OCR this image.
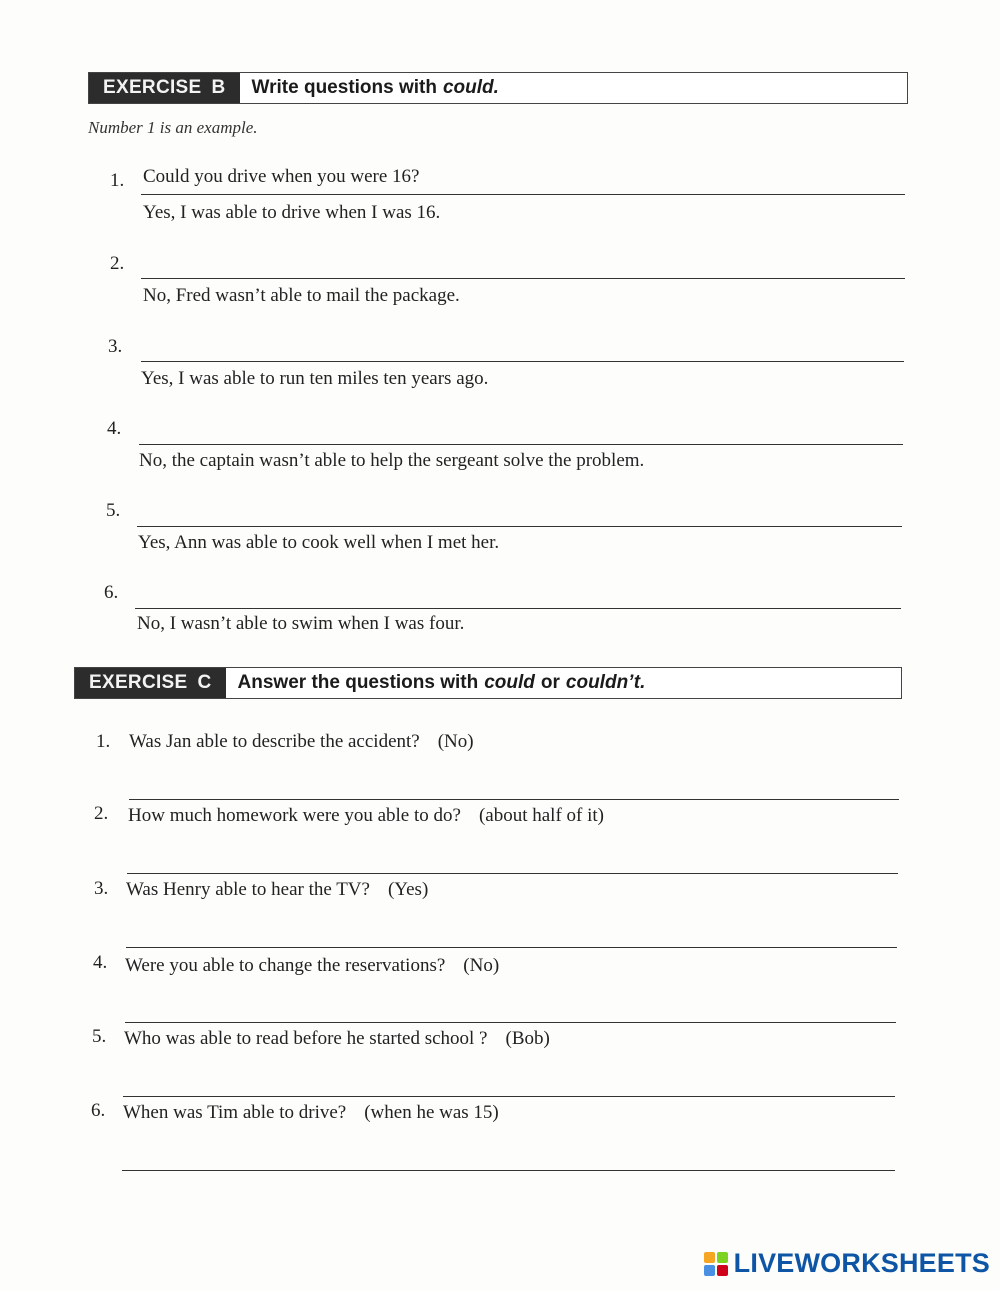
EXERCISE B Write questions with could.
Number 1 is an example.
1. Could you drive when you were 16?
Yes, I was able to drive when I was 16.
2.
No, Fred wasn’t able to mail the package.
3.
Yes, I was able to run ten miles ten years ago.
4.
No, the captain wasn’t able to help the sergeant solve the problem.
5.
Yes, Ann was able to cook well when I met her.
6.
No, I wasn’t able to swim when I was four.
EXERCISE C Answer the questions with could or couldn’t.
1. Was Jan able to describe the accident? (No)
2. How much homework were you able to do? (about half of it)
3. Was Henry able to hear the TV? (Yes)
4. Were you able to change the reservations? (No)
5. Who was able to read before he started school ? (Bob)
6. When was Tim able to drive? (when he was 15)
LIVEWORKSHEETS
